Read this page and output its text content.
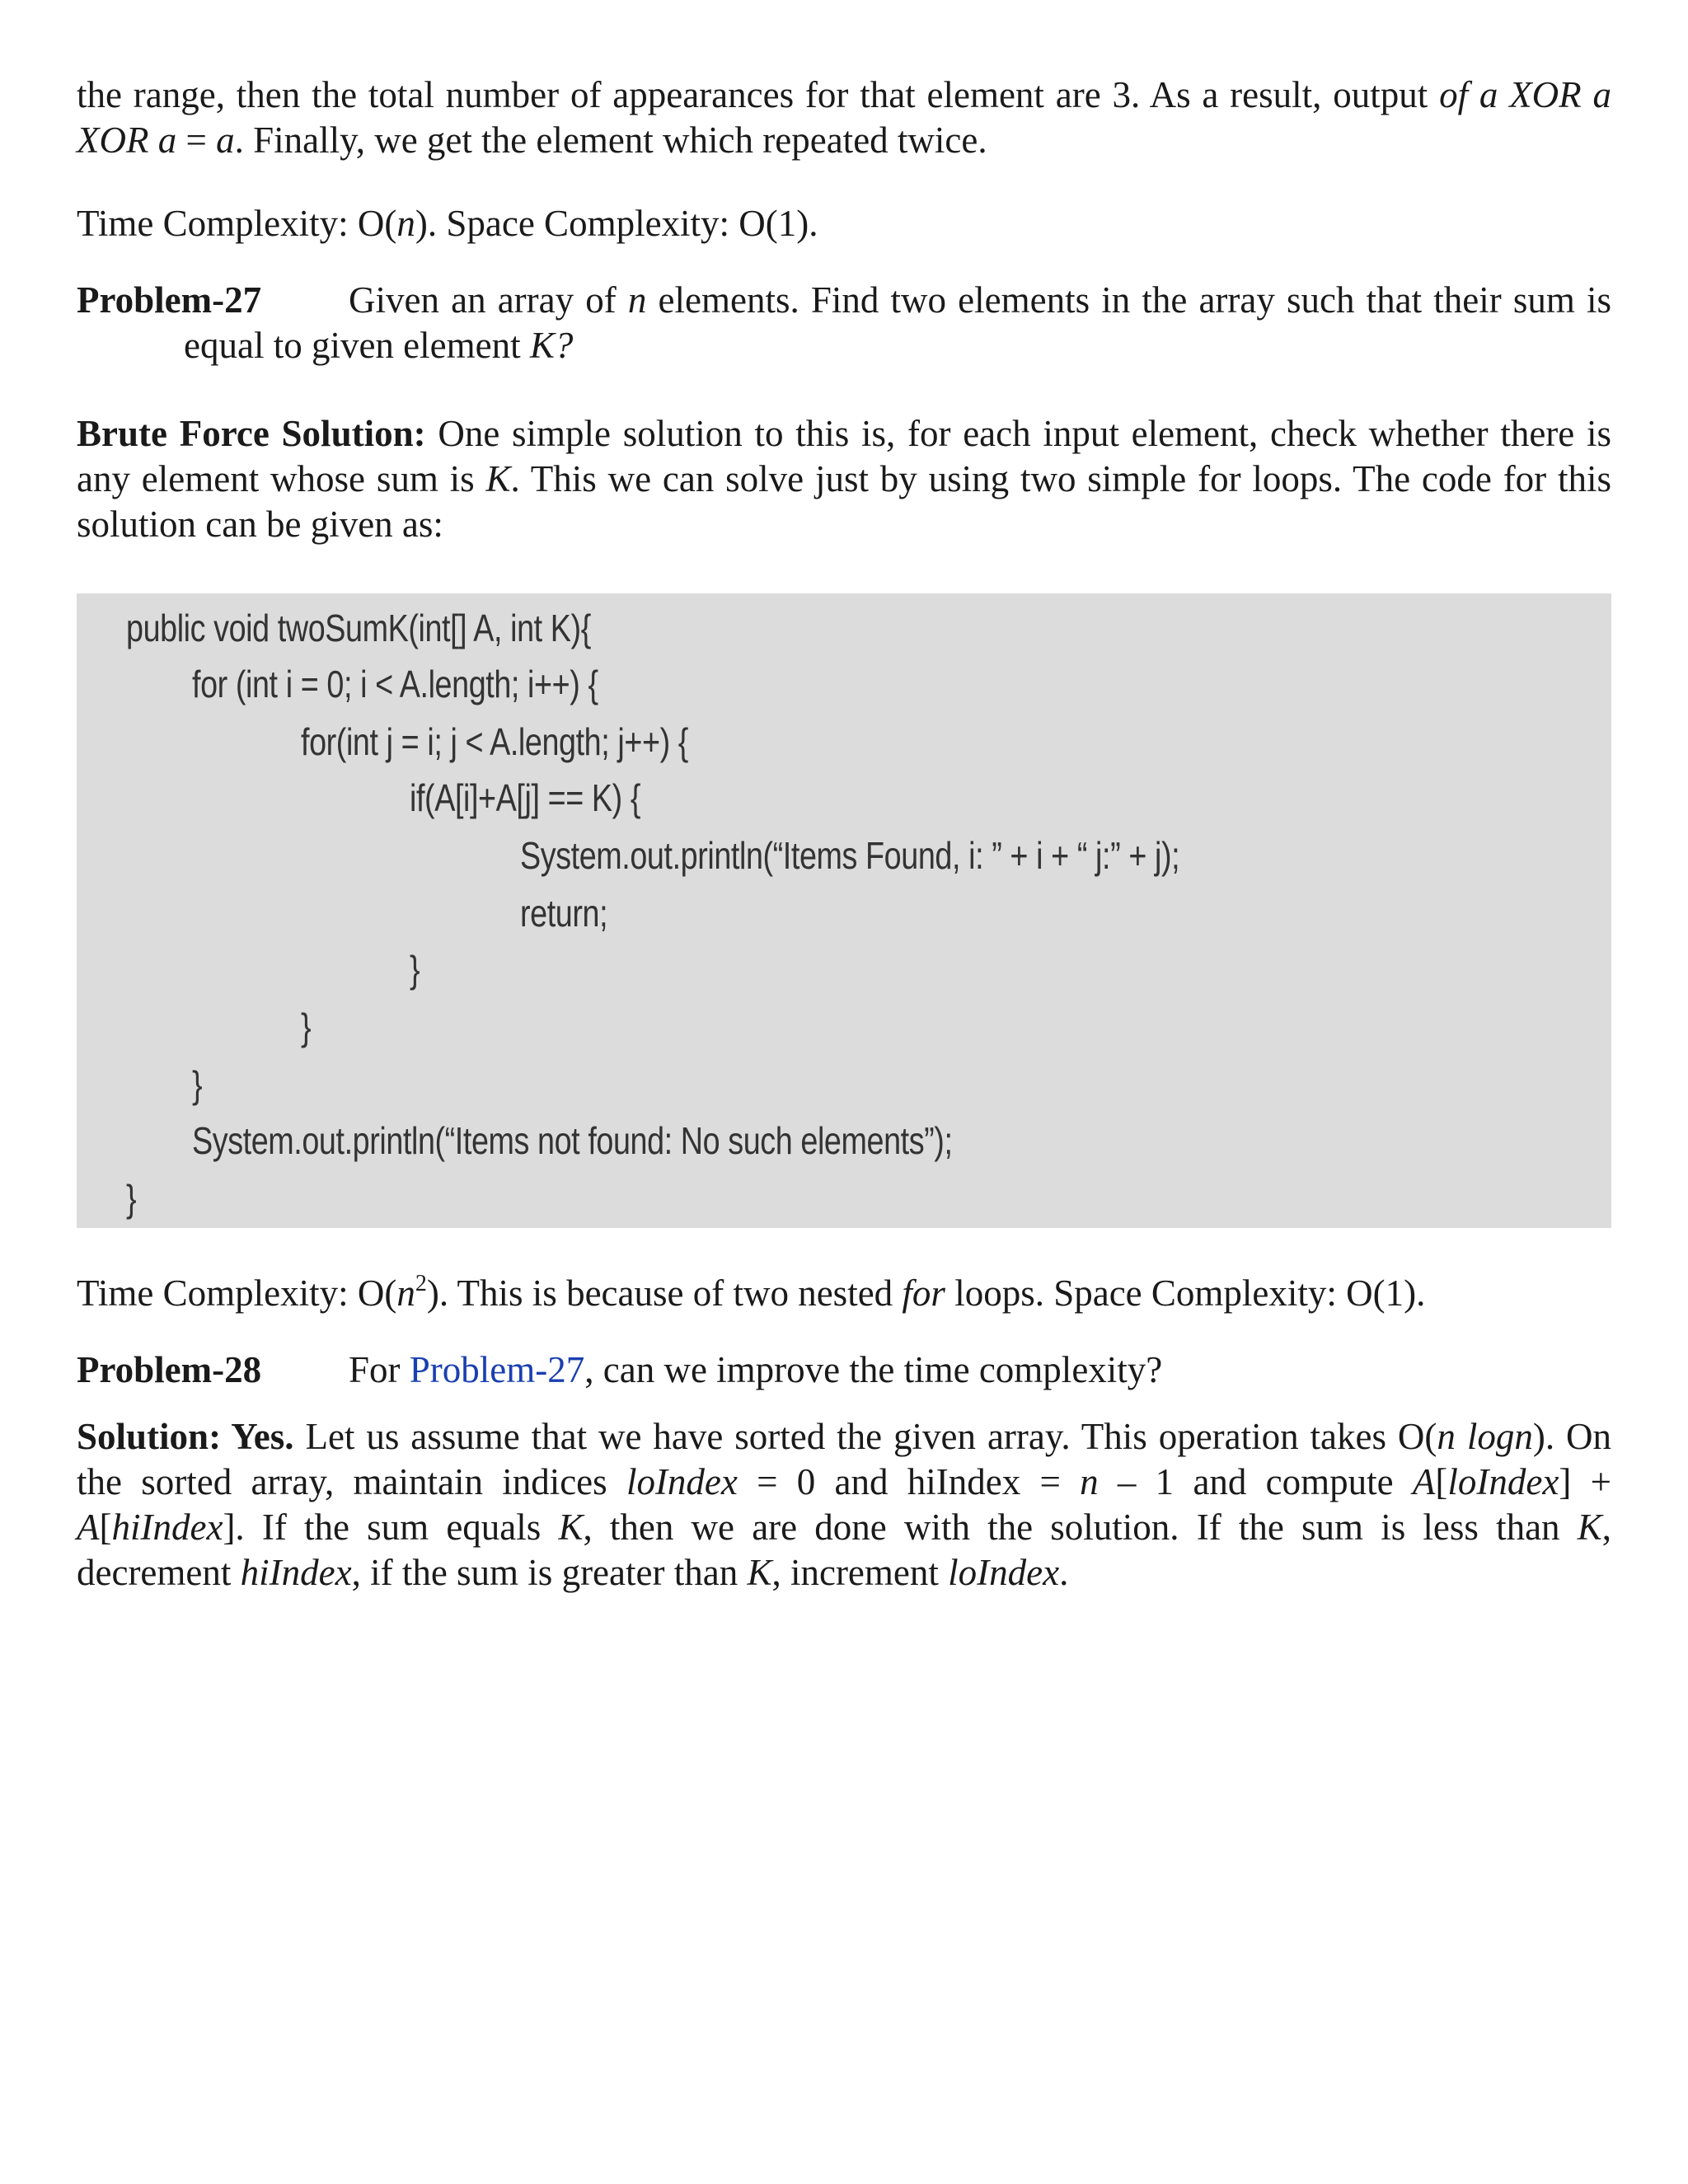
the range, then the total number of appearances for that element are 3. As a result, output of a XOR a XOR a = a. Finally, we get the element which repeated twice.

Time Complexity: O(n). Space Complexity: O(1).

Problem-27 Given an array of n elements. Find two elements in the array such that their sum is equal to given element K?

Brute Force Solution: One simple solution to this is, for each input element, check whether there is any element whose sum is K. This we can solve just by using two simple for loops. The code for this solution can be given as:

public void twoSumK(int[] A, int K){
for (int i = 0; i < A.length; i++) {
for(int j = i; j < A.length; j++) {
if(A[i]+A[j] == K) {
System.out.println(“Items Found, i: ” + i + “ j:” + j);
return;
}
}
}
System.out.println(“Items not found: No such elements”);
}

Time Complexity: $O(n^2)$. This is because of two nested for loops. Space Complexity: O(1).

Problem-28 For Problem-27, can we improve the time complexity?

Solution: Yes. Let us assume that we have sorted the given array. This operation takes O(n logn). On the sorted array, maintain indices loIndex = 0 and hiIndex = n – 1 and compute A[loIndex] + A[hiIndex]. If the sum equals K, then we are done with the solution. If the sum is less than K, decrement hiIndex, if the sum is greater than K, increment loIndex.
